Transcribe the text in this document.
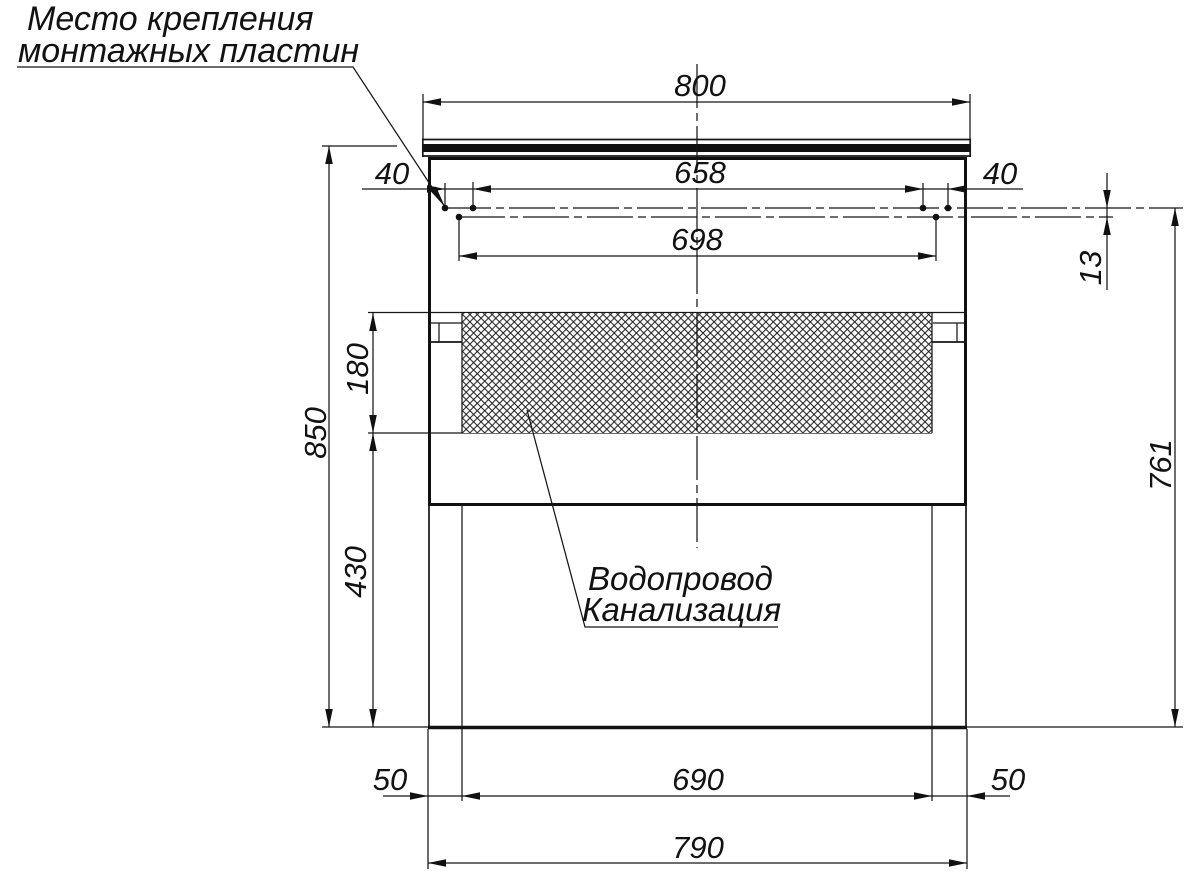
800
40	658	40
698
13
761
850
180
430
50	690	50
790
Место крепления
монтажных пластин
Водопровод
Канализация
